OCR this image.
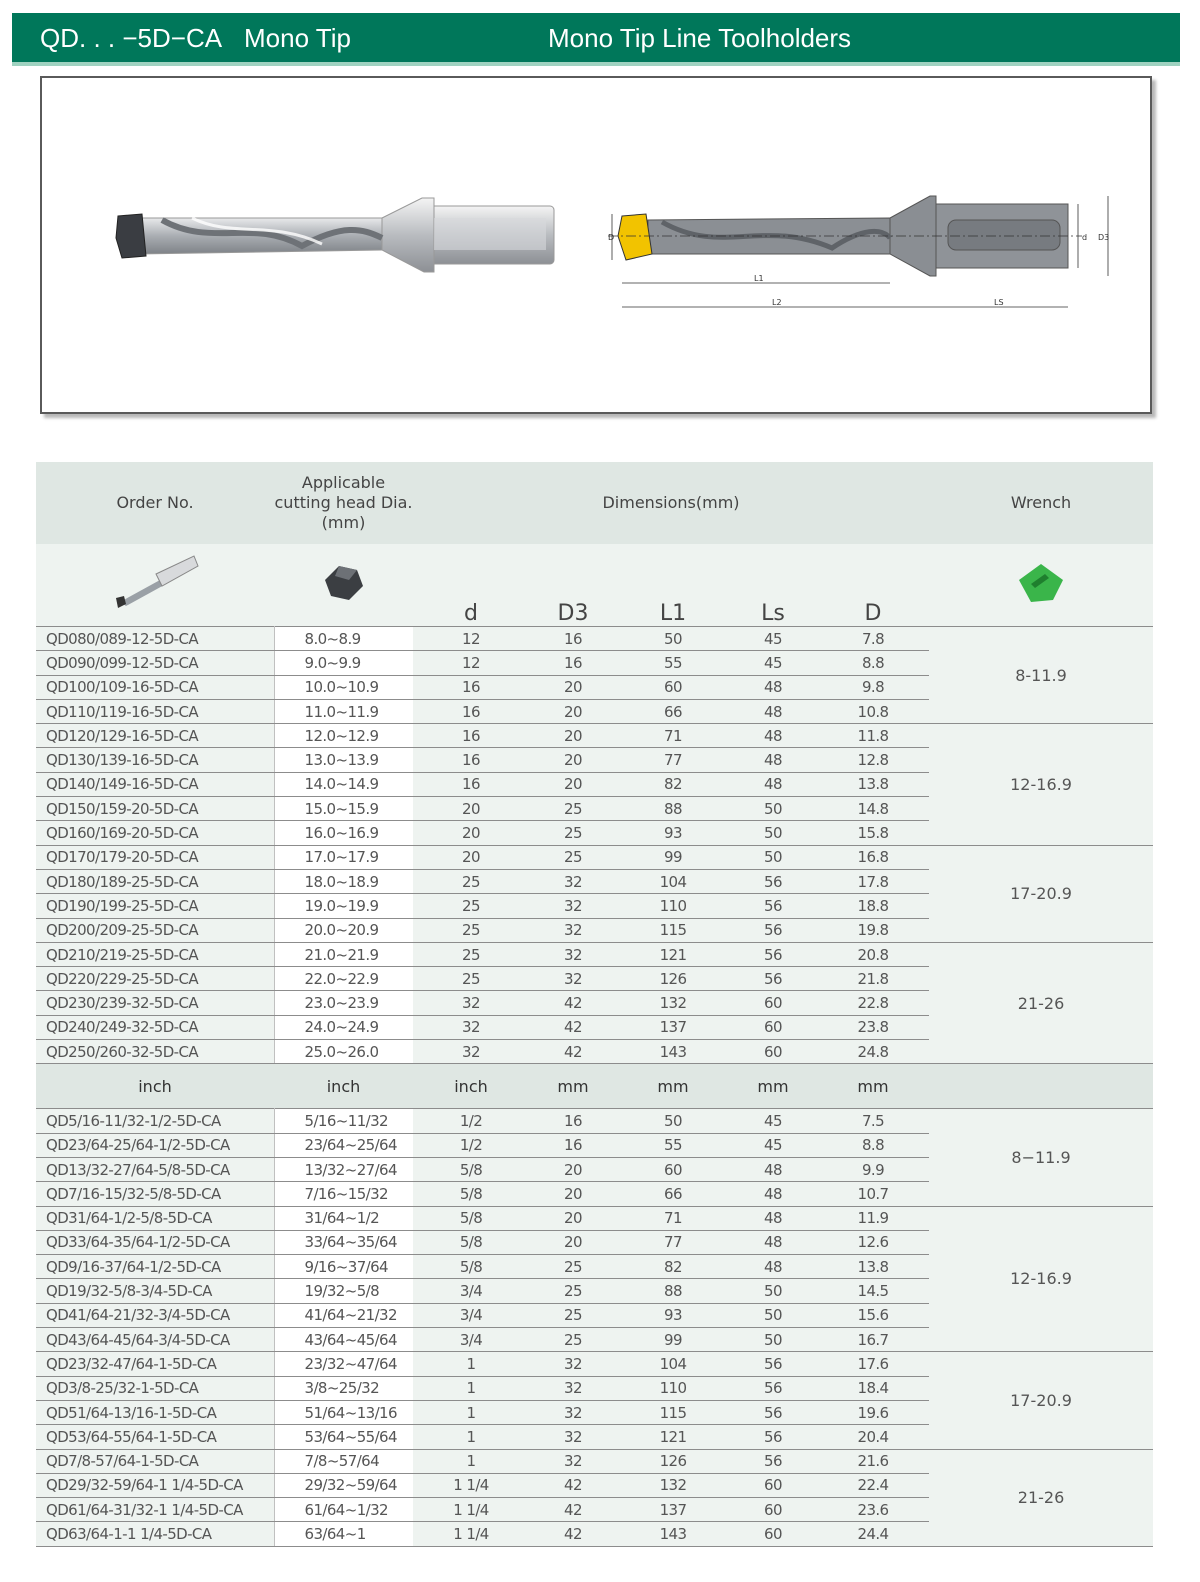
QD. . . −5D−CA Mono Tip	Mono Tip Line Toolholders
D	d D3
L1
L2	LS
Order No.	Applicable
cutting head Dia.(mm)	Dimensions(mm)					Wrench
		d	D3	L1	Ls	D	
QD080/089-12-5D-CA	8.0~8.9	12	16	50	45	7.8	8-11.9
QD090/099-12-5D-CA	9.0~9.9	12	16	55	45	8.8	
QD100/109-16-5D-CA	10.0~10.9	16	20	60	48	9.8	
QD110/119-16-5D-CA	11.0~11.9	16	20	66	48	10.8	
QD120/129-16-5D-CA	12.0~12.9	16	20	71	48	11.8	12-16.9
QD130/139-16-5D-CA	13.0~13.9	16	20	77	48	12.8	
QD140/149-16-5D-CA	14.0~14.9	16	20	82	48	13.8	
QD150/159-20-5D-CA	15.0~15.9	20	25	88	50	14.8	
QD160/169-20-5D-CA	16.0~16.9	20	25	93	50	15.8	
QD170/179-20-5D-CA	17.0~17.9	20	25	99	50	16.8	17-20.9
QD180/189-25-5D-CA	18.0~18.9	25	32	104	56	17.8	
QD190/199-25-5D-CA	19.0~19.9	25	32	110	56	18.8	
QD200/209-25-5D-CA	20.0~20.9	25	32	115	56	19.8	
QD210/219-25-5D-CA	21.0~21.9	25	32	121	56	20.8	21-26
QD220/229-25-5D-CA	22.0~22.9	25	32	126	56	21.8	
QD230/239-32-5D-CA	23.0~23.9	32	42	132	60	22.8	
QD240/249-32-5D-CA	24.0~24.9	32	42	137	60	23.8	
QD250/260-32-5D-CA	25.0~26.0	32	42	143	60	24.8	
inch	inch	inch	mm	mm	mm	mm	
QD5/16-11/32-1/2-5D-CA	5/16~11/32	1/2	16	50	45	7.5	8−11.9
QD23/64-25/64-1/2-5D-CA	23/64~25/64	1/2	16	55	45	8.8	
QD13/32-27/64-5/8-5D-CA	13/32~27/64	5/8	20	60	48	9.9	
QD7/16-15/32-5/8-5D-CA	7/16~15/32	5/8	20	66	48	10.7	
QD31/64-1/2-5/8-5D-CA	31/64~1/2	5/8	20	71	48	11.9	12-16.9
QD33/64-35/64-1/2-5D-CA	33/64~35/64	5/8	20	77	48	12.6	
QD9/16-37/64-1/2-5D-CA	9/16~37/64	5/8	25	82	48	13.8	
QD19/32-5/8-3/4-5D-CA	19/32~5/8	3/4	25	88	50	14.5	
QD41/64-21/32-3/4-5D-CA	41/64~21/32	3/4	25	93	50	15.6	
QD43/64-45/64-3/4-5D-CA	43/64~45/64	3/4	25	99	50	16.7	
QD23/32-47/64-1-5D-CA	23/32~47/64	1	32	104	56	17.6	17-20.9
QD3/8-25/32-1-5D-CA	3/8~25/32	1	32	110	56	18.4	
QD51/64-13/16-1-5D-CA	51/64~13/16	1	32	115	56	19.6	
QD53/64-55/64-1-5D-CA	53/64~55/64	1	32	121	56	20.4	
QD7/8-57/64-1-5D-CA	7/8~57/64	1	32	126	56	21.6	21-26
QD29/32-59/64-1 1/4-5D-CA	29/32~59/64	1 1/4	42	132	60	22.4	
QD61/64-31/32-1 1/4-5D-CA	61/64~1/32	1 1/4	42	137	60	23.6	
QD63/64-1-1 1/4-5D-CA	63/64~1	1 1/4	42	143	60	24.4	
